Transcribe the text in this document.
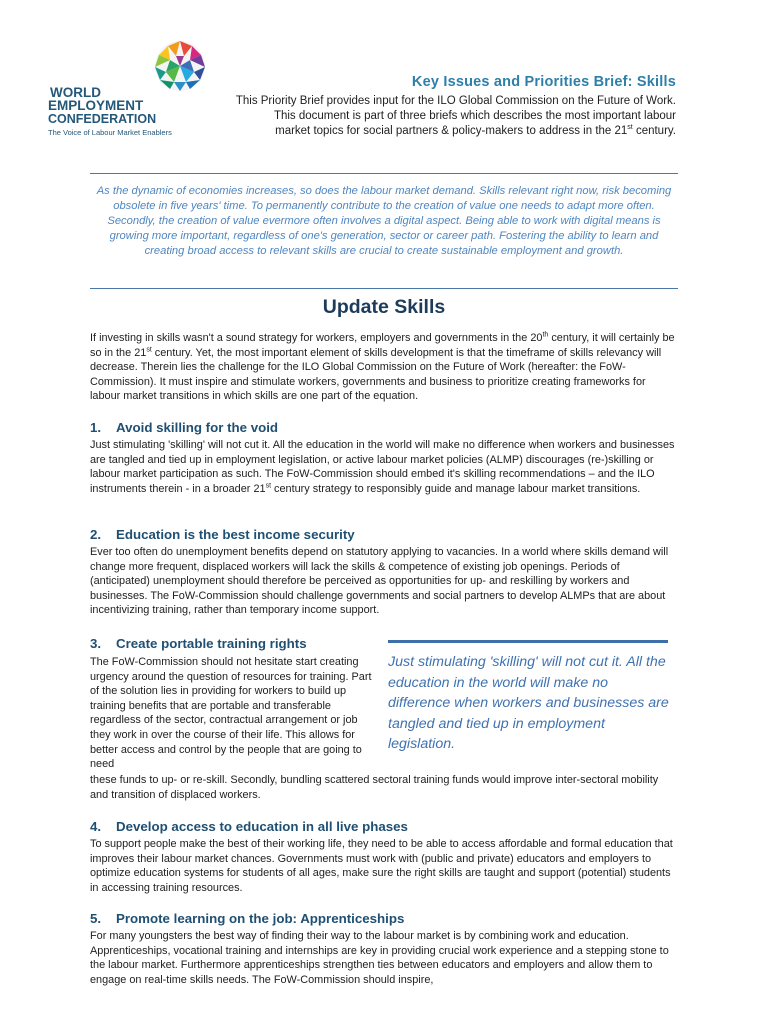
WORLD
EMPLOYMENT
CONFEDERATION
The Voice of Labour Market Enablers
Key Issues and Priorities Brief: Skills
This Priority Brief provides input for the ILO Global Commission on the Future of Work.
This document is part of three briefs which describes the most important labour
market topics for social partners & policy-makers to address in the 21st century.
As the dynamic of economies increases, so does the labour market demand. Skills relevant right now, risk becoming obsolete in five years' time. To permanently contribute to the creation of value one needs to adapt more often. Secondly, the creation of value evermore often involves a digital aspect. Being able to work with digital means is growing more important, regardless of one's generation, sector or career path. Fostering the ability to learn and creating broad access to relevant skills are crucial to create sustainable employment and growth.
Update Skills
If investing in skills wasn't a sound strategy for workers, employers and governments in the 20th century, it will certainly be so in the 21st century. Yet, the most important element of skills development is that the timeframe of skills relevancy will decrease. Therein lies the challenge for the ILO Global Commission on the Future of Work (hereafter: the FoW-Commission). It must inspire and stimulate workers, governments and business to prioritize creating frameworks for labour market transitions in which skills are one part of the equation.
1. Avoid skilling for the void
Just stimulating 'skilling' will not cut it. All the education in the world will make no difference when workers and businesses are tangled and tied up in employment legislation, or active labour market policies (ALMP) discourages (re-)skilling or labour market participation as such. The FoW-Commission should embed it's skilling recommendations – and the ILO instruments therein - in a broader 21st century strategy to responsibly guide and manage labour market transitions.
2. Education is the best income security
Ever too often do unemployment benefits depend on statutory applying to vacancies. In a world where skills demand will change more frequent, displaced workers will lack the skills & competence of existing job openings. Periods of (anticipated) unemployment should therefore be perceived as opportunities for up- and reskilling by workers and businesses. The FoW-Commission should challenge governments and social partners to develop ALMPs that are about incentivizing training, rather than temporary income support.
3. Create portable training rights
The FoW-Commission should not hesitate start creating urgency around the question of resources for training. Part of the solution lies in providing for workers to build up training benefits that are portable and transferable regardless of the sector, contractual arrangement or job they work in over the course of their life. This allows for better access and control by the people that are going to need
these funds to up- or re-skill. Secondly, bundling scattered sectoral training funds would improve inter-sectoral mobility and transition of displaced workers.
Just stimulating 'skilling' will not cut it. All the education in the world will make no difference when workers and businesses are tangled and tied up in employment legislation.
4. Develop access to education in all live phases
To support people make the best of their working life, they need to be able to access affordable and formal education that improves their labour market chances. Governments must work with (public and private) educators and employers to optimize education systems for students of all ages, make sure the right skills are taught and support (potential) students in accessing training resources.
5. Promote learning on the job: Apprenticeships
For many youngsters the best way of finding their way to the labour market is by combining work and education. Apprenticeships, vocational training and internships are key in providing crucial work experience and a stepping stone to the labour market. Furthermore apprenticeships strengthen ties between educators and employers and allow them to engage on real-time skills needs. The FoW-Commission should inspire,
